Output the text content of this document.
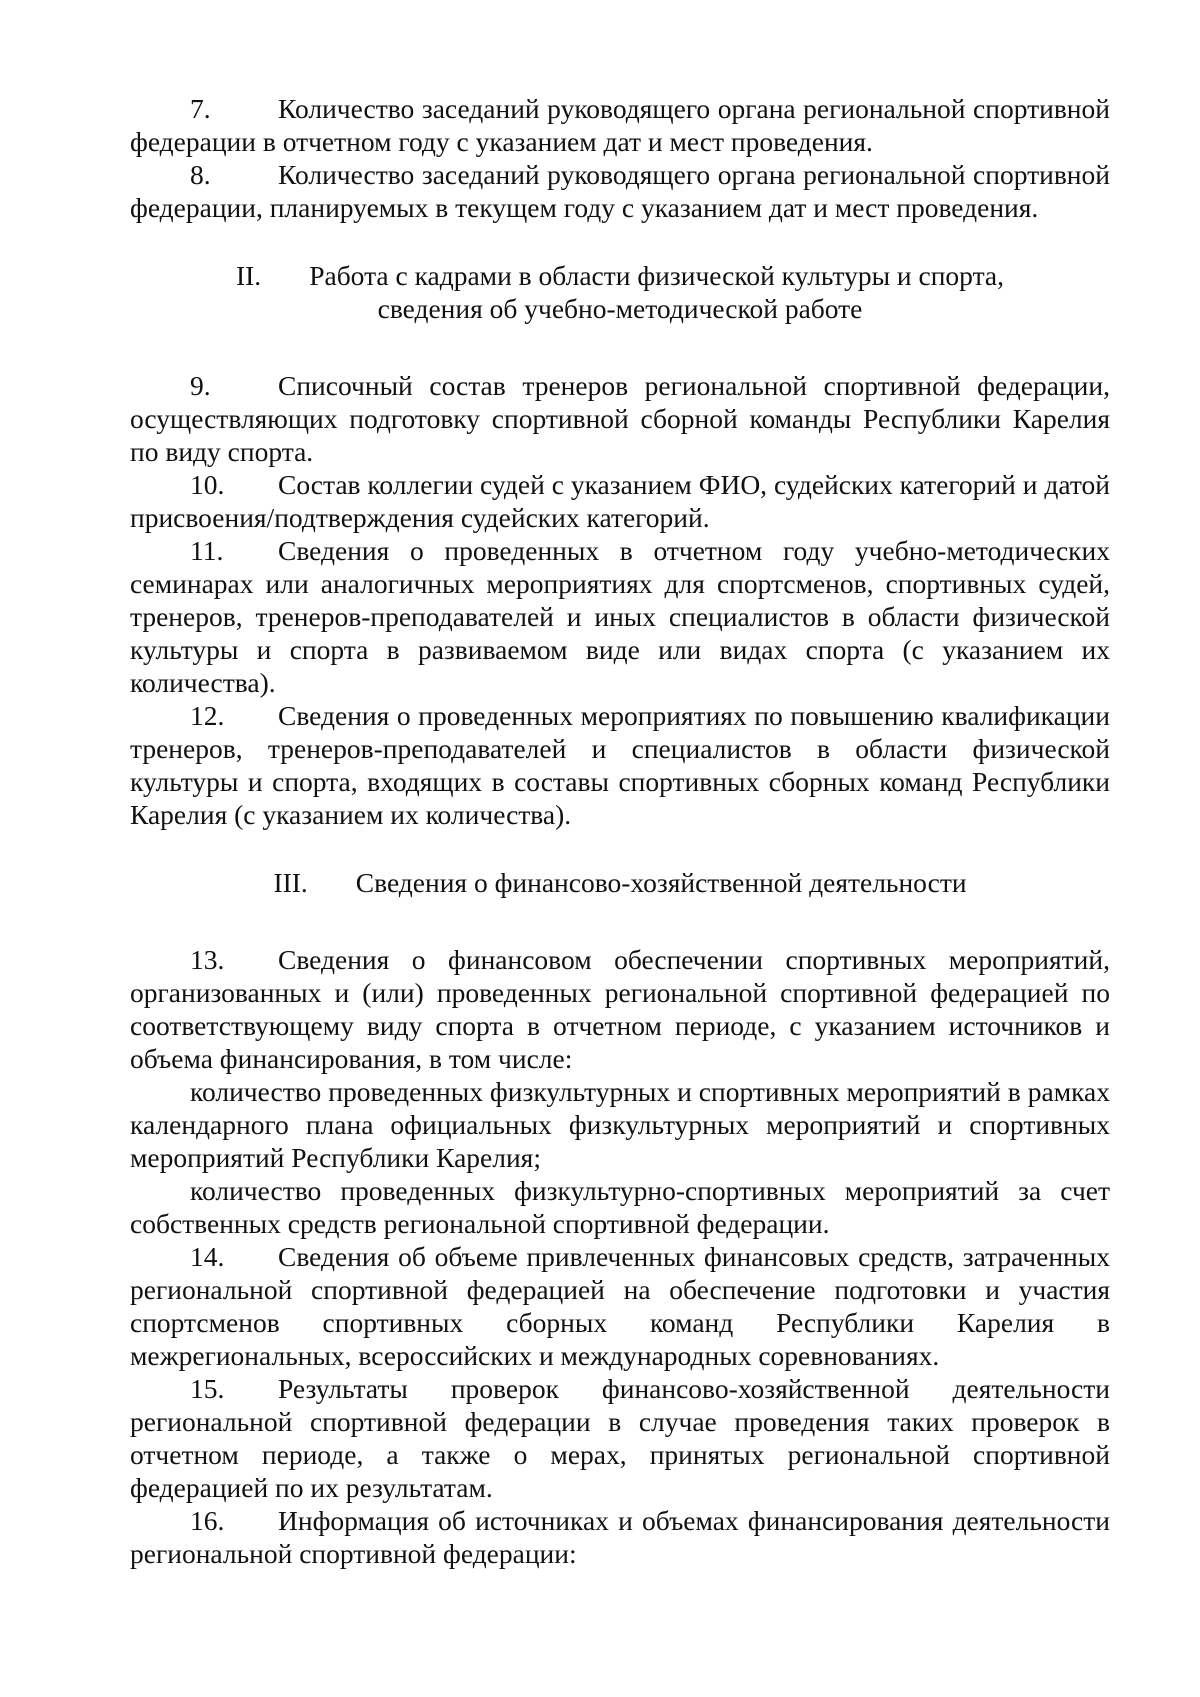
7. Количество заседаний руководящего органа региональной спортивной федерации в отчетном году с указанием дат и мест проведения.

8. Количество заседаний руководящего органа региональной спортивной федерации, планируемых в текущем году с указанием дат и мест проведения.

II. Работа с кадрами в области физической культуры и спорта,
сведения об учебно-методической работе

9. Списочный состав тренеров региональной спортивной федерации, осуществляющих подготовку спортивной сборной команды Республики Карелия по виду спорта.

10. Состав коллегии судей с указанием ФИО, судейских категорий и датой присвоения/подтверждения судейских категорий.

11. Сведения о проведенных в отчетном году учебно-методических семинарах или аналогичных мероприятиях для спортсменов, спортивных судей, тренеров, тренеров-преподавателей и иных специалистов в области физической культуры и спорта в развиваемом виде или видах спорта (с указанием их количества).

12. Сведения о проведенных мероприятиях по повышению квалификации тренеров, тренеров-преподавателей и специалистов в области физической культуры и спорта, входящих в составы спортивных сборных команд Республики Карелия (с указанием их количества).

III. Сведения о финансово-хозяйственной деятельности

13. Сведения о финансовом обеспечении спортивных мероприятий, организованных и (или) проведенных региональной спортивной федерацией по соответствующему виду спорта в отчетном периоде, с указанием источников и объема финансирования, в том числе:

количество проведенных физкультурных и спортивных мероприятий в рамках календарного плана официальных физкультурных мероприятий и спортивных мероприятий Республики Карелия;

количество проведенных физкультурно-спортивных мероприятий за счет собственных средств региональной спортивной федерации.

14. Сведения об объеме привлеченных финансовых средств, затраченных региональной спортивной федерацией на обеспечение подготовки и участия спортсменов спортивных сборных команд Республики Карелия в межрегиональных, всероссийских и международных соревнованиях.

15. Результаты проверок финансово-хозяйственной деятельности региональной спортивной федерации в случае проведения таких проверок в отчетном периоде, а также о мерах, принятых региональной спортивной федерацией по их результатам.

16. Информация об источниках и объемах финансирования деятельности региональной спортивной федерации:
